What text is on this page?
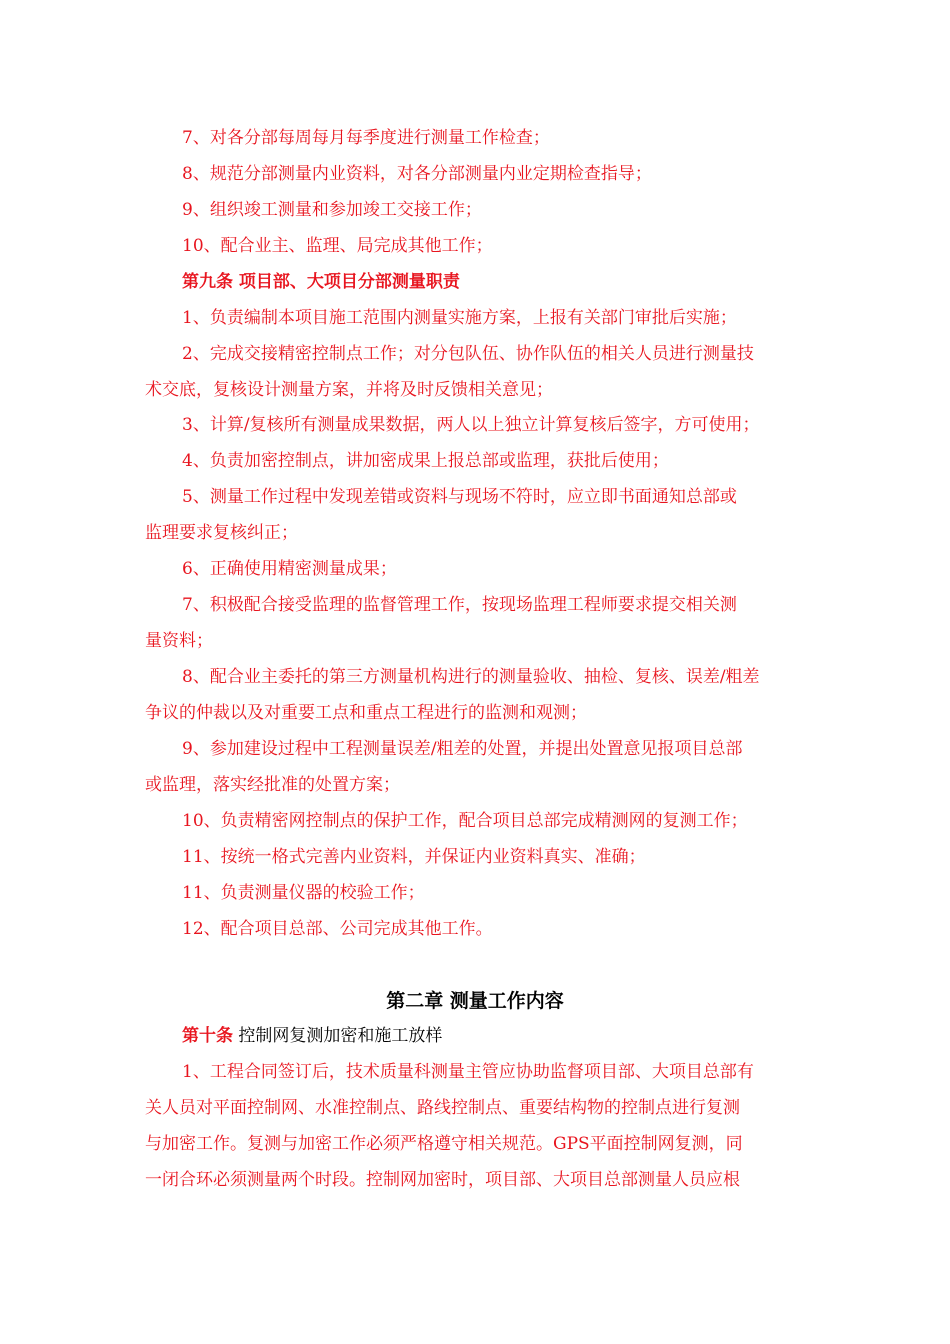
7、对各分部每周每月每季度进行测量工作检查；
8、规范分部测量内业资料，对各分部测量内业定期检查指导；
9、组织竣工测量和参加竣工交接工作；
10、配合业主、监理、局完成其他工作；
第九条 项目部、大项目分部测量职责
1、负责编制本项目施工范围内测量实施方案，上报有关部门审批后实施；
2、完成交接精密控制点工作；对分包队伍、协作队伍的相关人员进行测量技
术交底，复核设计测量方案，并将及时反馈相关意见；
3、计算/复核所有测量成果数据，两人以上独立计算复核后签字，方可使用；
4、负责加密控制点，讲加密成果上报总部或监理，获批后使用；
5、测量工作过程中发现差错或资料与现场不符时，应立即书面通知总部或
监理要求复核纠正；
6、正确使用精密测量成果；
7、积极配合接受监理的监督管理工作，按现场监理工程师要求提交相关测
量资料；
8、配合业主委托的第三方测量机构进行的测量验收、抽检、复核、误差/粗差
争议的仲裁以及对重要工点和重点工程进行的监测和观测；
9、参加建设过程中工程测量误差/粗差的处置，并提出处置意见报项目总部
或监理，落实经批准的处置方案；
10、负责精密网控制点的保护工作，配合项目总部完成精测网的复测工作；
11、按统一格式完善内业资料，并保证内业资料真实、准确；
11、负责测量仪器的校验工作；
12、配合项目总部、公司完成其他工作。
第二章 测量工作内容
第十条 控制网复测加密和施工放样
1、工程合同签订后，技术质量科测量主管应协助监督项目部、大项目总部有
关人员对平面控制网、水准控制点、路线控制点、重要结构物的控制点进行复测
与加密工作。复测与加密工作必须严格遵守相关规范。GPS平面控制网复测，同
一闭合环必须测量两个时段。控制网加密时，项目部、大项目总部测量人员应根
